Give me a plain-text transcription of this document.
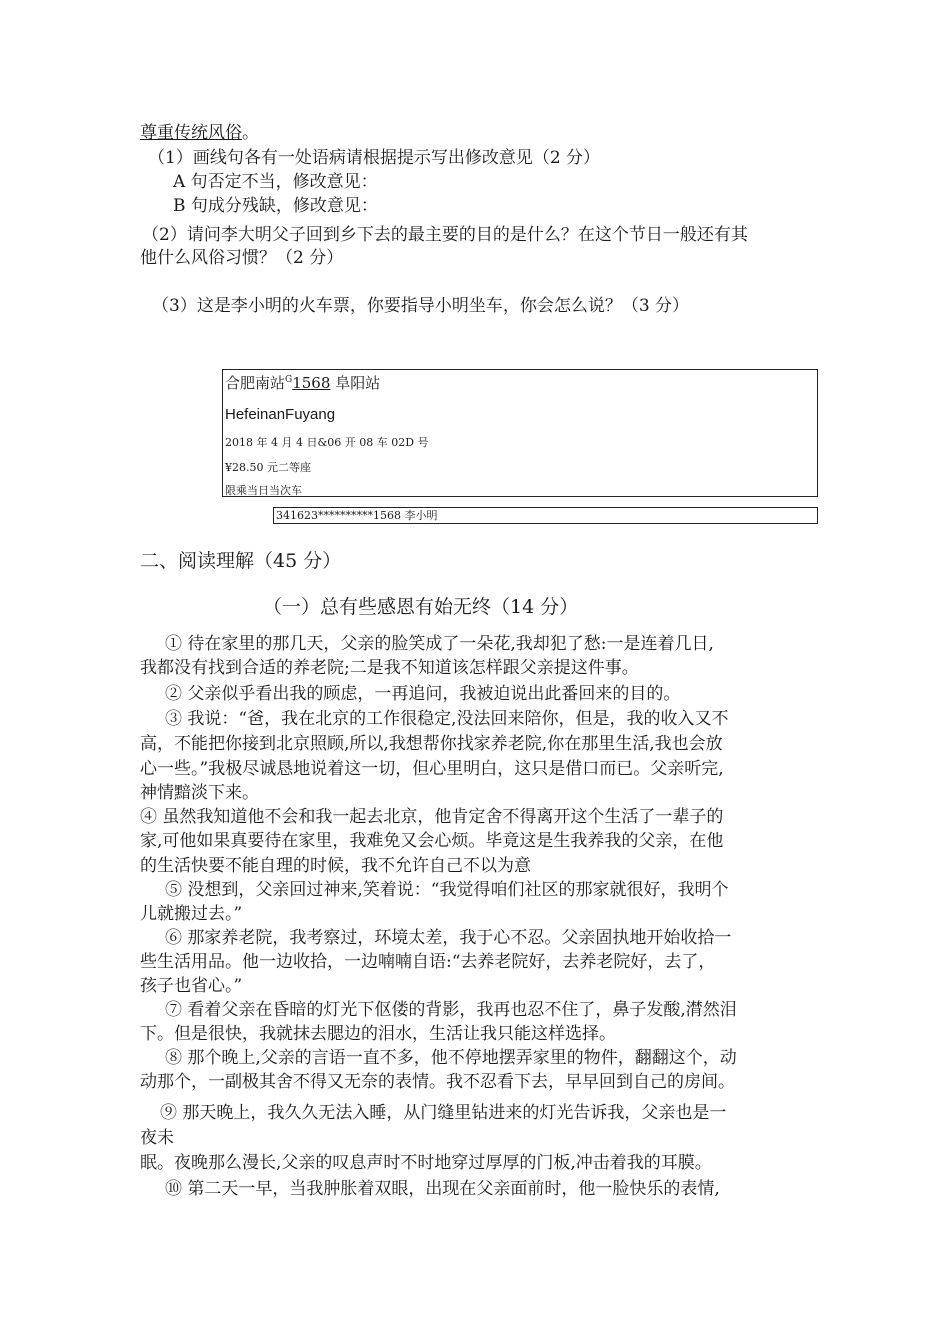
尊重传统风俗。
（1）画线句各有一处语病请根据提示写出修改意见（2 分）
A 句否定不当，修改意见：
B 句成分残缺，修改意见：
（2）请问李大明父子回到乡下去的最主要的目的是什么？在这个节日一般还有其
他什么风俗习惯？（2 分）
（3）这是李小明的火车票，你要指导小明坐车，你会怎么说？（3 分）
合肥南站$^G$1568 阜阳站
HefeinanFuyang
2018 年 4 月 4 日&06 开 08 车 02D 号
¥28.50 元二等座
限乘当日当次车
341623**********1568 李小明
二、阅读理解（45 分）
（一）总有些感恩有始无终（14 分）
① 待在家里的那几天，父亲的脸笑成了一朵花,我却犯了愁:一是连着几日,
我都没有找到合适的养老院;二是我不知道该怎样跟父亲提这件事。
② 父亲似乎看出我的顾虑，一再追问，我被迫说出此番回来的目的。
③ 我说：“爸，我在北京的工作很稳定,没法回来陪你，但是，我的收入又不
高，不能把你接到北京照顾,所以,我想帮你找家养老院,你在那里生活,我也会放
心一些。”我极尽诚恳地说着这一切，但心里明白，这只是借口而已。父亲听完,
神情黯淡下来。
④ 虽然我知道他不会和我一起去北京，他肯定舍不得离开这个生活了一辈子的
家,可他如果真要待在家里，我难免又会心烦。毕竟这是生我养我的父亲，在他
的生活快要不能自理的时候，我不允许自己不以为意
⑤ 没想到，父亲回过神来,笑着说：“我觉得咱们社区的那家就很好，我明个
儿就搬过去。”
⑥ 那家养老院，我考察过，环境太差，我于心不忍。父亲固执地开始收拾一
些生活用品。他一边收拾，一边喃喃自语:“去养老院好，去养老院好，去了，
孩子也省心。”
⑦ 看着父亲在昏暗的灯光下伛偻的背影，我再也忍不住了，鼻子发酸,潸然泪
下。但是很快，我就抹去腮边的泪水，生活让我只能这样选择。
⑧ 那个晚上,父亲的言语一直不多，他不停地摆弄家里的物件，翻翻这个，动
动那个，一副极其舍不得又无奈的表情。我不忍看下去，早早回到自己的房间。
⑨ 那天晚上，我久久无法入睡，从门缝里钻进来的灯光告诉我，父亲也是一
夜未
眠。夜晚那么漫长,父亲的叹息声时不时地穿过厚厚的门板,冲击着我的耳膜。
⑩ 第二天一早，当我肿胀着双眼，出现在父亲面前时，他一脸快乐的表情,
